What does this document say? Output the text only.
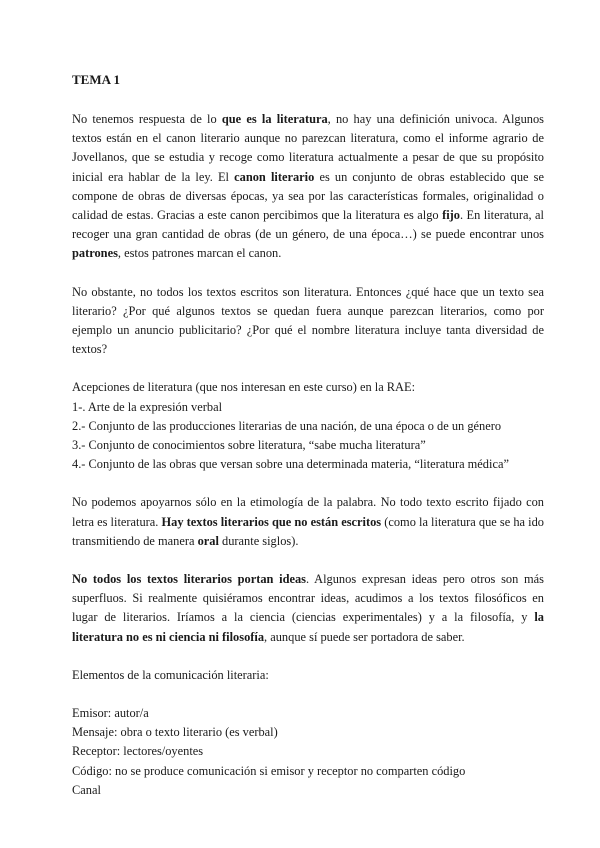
TEMA 1

No tenemos respuesta de lo que es la literatura, no hay una definición univoca. Algunos textos están en el canon literario aunque no parezcan literatura, como el informe agrario de Jovellanos, que se estudia y recoge como literatura actualmente a pesar de que su propósito inicial era hablar de la ley. El canon literario es un conjunto de obras establecido que se compone de obras de diversas épocas, ya sea por las características formales, originalidad o calidad de estas. Gracias a este canon percibimos que la literatura es algo fijo. En literatura, al recoger una gran cantidad de obras (de un género, de una época…) se puede encontrar unos patrones, estos patrones marcan el canon.

No obstante, no todos los textos escritos son literatura. Entonces ¿qué hace que un texto sea literario? ¿Por qué algunos textos se quedan fuera aunque parezcan literarios, como por ejemplo un anuncio publicitario? ¿Por qué el nombre literatura incluye tanta diversidad de textos?

Acepciones de literatura (que nos interesan en este curso) en la RAE:

1-. Arte de la expresión verbal

2.- Conjunto de las producciones literarias de una nación, de una época o de un género

3.- Conjunto de conocimientos sobre literatura, “sabe mucha literatura”

4.- Conjunto de las obras que versan sobre una determinada materia, “literatura médica”

No podemos apoyarnos sólo en la etimología de la palabra. No todo texto escrito fijado con letra es literatura. Hay textos literarios que no están escritos (como la literatura que se ha ido transmitiendo de manera oral durante siglos).

No todos los textos literarios portan ideas. Algunos expresan ideas pero otros son más superfluos. Si realmente quisiéramos encontrar ideas, acudimos a los textos filosóficos en lugar de literarios. Iríamos a la ciencia (ciencias experimentales) y a la filosofía, y la literatura no es ni ciencia ni filosofía, aunque sí puede ser portadora de saber.

Elementos de la comunicación literaria:

Emisor: autor/a

Mensaje: obra o texto literario (es verbal)

Receptor: lectores/oyentes

Código: no se produce comunicación si emisor y receptor no comparten código

Canal
